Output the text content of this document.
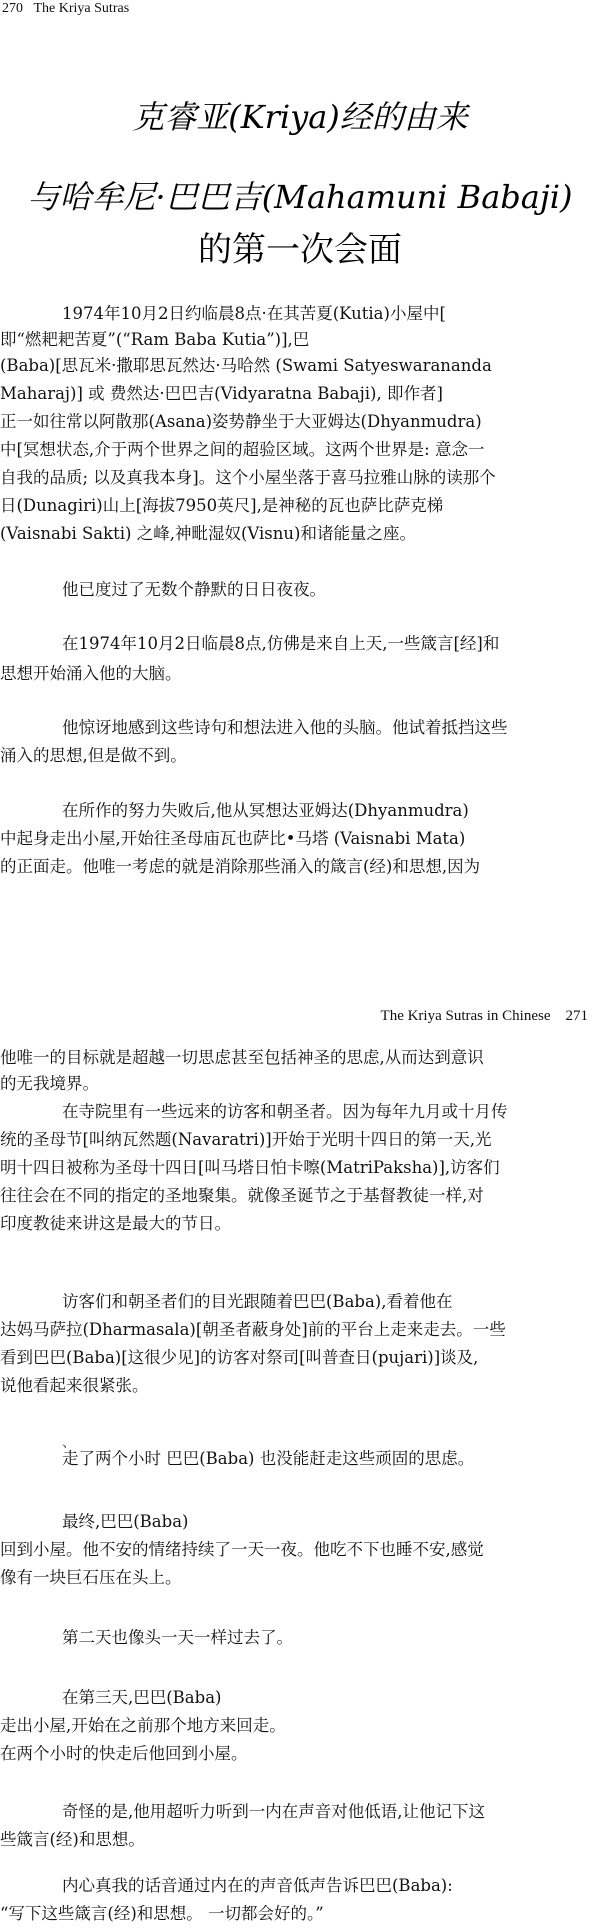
270 The Kriya Sutras
克睿亚(Kriya)经的由来
与哈牟尼·巴巴吉(Mahamuni Babaji)
的第一次会面
1974年10月2日约临晨8点·在其苦夏(Kutia)小屋中[
即“燃耙耙苦夏”(“Ram Baba Kutia”)],巴
(Baba)[思瓦米·撒耶思瓦然达·马哈然 (Swami Satyeswarananda
Maharaj)] 或 费然达·巴巴吉(Vidyaratna Babaji), 即作者]
正一如往常以阿散那(Asana)姿势静坐于大亚姆达(Dhyanmudra)
中[冥想状态,介于两个世界之间的超验区域。这两个世界是: 意念一
自我的品质; 以及真我本身]。这个小屋坐落于喜马拉雅山脉的读那个
日(Dunagiri)山上[海拔7950英尺],是神秘的瓦也萨比萨克梯
(Vaisnabi Sakti) 之峰,神毗湿奴(Visnu)和诸能量之座。
他已度过了无数个静默的日日夜夜。
在1974年10月2日临晨8点,仿佛是来自上天,一些箴言[经]和
思想开始涌入他的大脑。
他惊讶地感到这些诗句和想法进入他的头脑。他试着抵挡这些
涌入的思想,但是做不到。
在所作的努力失败后,他从冥想达亚姆达(Dhyanmudra)
中起身走出小屋,开始往圣母庙瓦也萨比•马塔 (Vaisnabi Mata)
的正面走。他唯一考虑的就是消除那些涌入的箴言(经)和思想,因为
The Kriya Sutras in Chinese 271
他唯一的目标就是超越一切思虑甚至包括神圣的思虑,从而达到意识
的无我境界。
在寺院里有一些远来的访客和朝圣者。因为每年九月或十月传
统的圣母节[叫纳瓦然题(Navaratri)]开始于光明十四日的第一天,光
明十四日被称为圣母十四日[叫马塔日怕卡嚓(MatriPaksha)],访客们
往往会在不同的指定的圣地聚集。就像圣诞节之于基督教徒一样,对
印度教徒来讲这是最大的节日。
访客们和朝圣者们的目光跟随着巴巴(Baba),看着他在
达妈马萨拉(Dharmasala)[朝圣者蔽身处]前的平台上走来走去。一些
看到巴巴(Baba)[这很少见]的访客对祭司[叫普查日(pujari)]谈及,
说他看起来很紧张。
、
走了两个小时 巴巴(Baba) 也没能赶走这些顽固的思虑。
最终,巴巴(Baba)
回到小屋。他不安的情绪持续了一天一夜。他吃不下也睡不安,感觉
像有一块巨石压在头上。
第二天也像头一天一样过去了。
在第三天,巴巴(Baba)
走出小屋,开始在之前那个地方来回走。
在两个小时的快走后他回到小屋。
奇怪的是,他用超听力听到一内在声音对他低语,让他记下这
些箴言(经)和思想。
内心真我的话音通过内在的声音低声告诉巴巴(Baba):
“写下这些箴言(经)和思想。 一切都会好的。”
